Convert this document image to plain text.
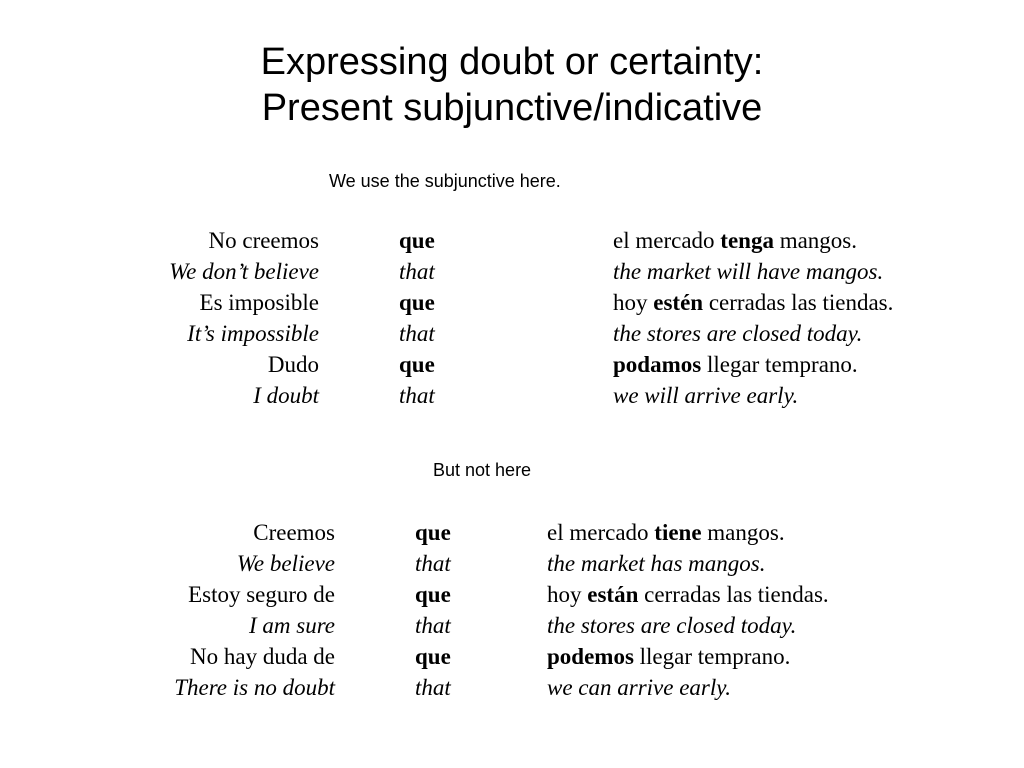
Expressing doubt or certainty:
Present subjunctive/indicative
We use the subjunctive here.
No creemos	que	el mercado tenga mangos.
We don’t believe	that	the market will have mangos.
Es imposible	que	hoy estén cerradas las tiendas.
It’s impossible	that	the stores are closed today.
Dudo	que	podamos llegar temprano.
I doubt	that	we will arrive early.
But not here
Creemos	que	el mercado tiene mangos.
We believe	that	the market has mangos.
Estoy seguro de	que	hoy están cerradas las tiendas.
I am sure	that	the stores are closed today.
No hay duda de	que	podemos llegar temprano.
There is no doubt	that	we can arrive early.
